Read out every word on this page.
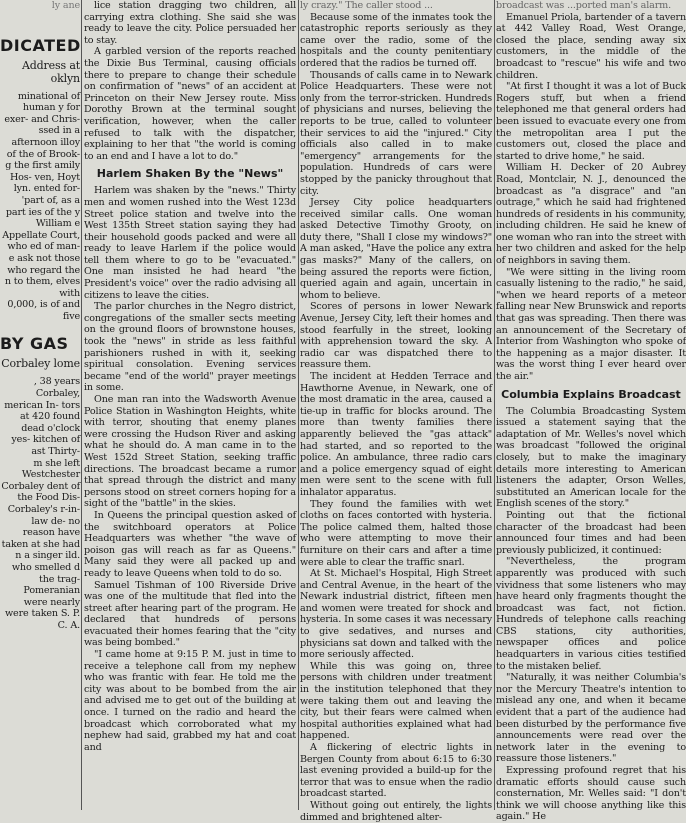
ly ane

DICATED

Address at oklyn

minational of human y for exer- and Chris- ssed in a afternoon illoy of the of Brook- g the first amily Hos- ven, Hoyt lyn. ented for- 'part of, as a part ies of the y William e Appellate Court, who ed of man-

e ask not those who regard the n to them, elves with

0,000, is of and five

BY GAS

Corbaley lome

, 38 years Corbaley, merican In- tors at 420 found dead o'clock yes- kitchen of ast Thirty-

m she left Westchester Corbaley dent of the Food Dis- Corbaley's r-in-law de- no reason have taken at she had n a singer ild. who smelled d the trag- Pomeranian were nearly were taken S. P. C. A.

lice station dragging two children, all carrying extra clothing. She said she was ready to leave the city. Police persuaded her to stay.

A garbled version of the reports reached the Dixie Bus Terminal, causing officials there to prepare to change their schedule on confirmation of "news" of an accident at Princeton on their New Jersey route. Miss Dorothy Brown at the terminal sought verification, however, when the caller refused to talk with the dispatcher, explaining to her that "the world is coming to an end and I have a lot to do."

Harlem Shaken By the "News"

Harlem was shaken by the "news." Thirty men and women rushed into the West 123d Street police station and twelve into the West 135th Street station saying they had their household goods packed and were all ready to leave Harlem if the police would tell them where to go to be "evacuated." One man insisted he had heard "the President's voice" over the radio advising all citizens to leave the cities.

The parlor churches in the Negro district, congregations of the smaller sects meeting on the ground floors of brownstone houses, took the "news" in stride as less faithful parishioners rushed in with it, seeking spiritual consolation. Evening services became "end of the world" prayer meetings in some.

One man ran into the Wadsworth Avenue Police Station in Washington Heights, white with terror, shouting that enemy planes were crossing the Hudson River and asking what he should do. A man came in to the West 152d Street Station, seeking traffic directions. The broadcast became a rumor that spread through the district and many persons stood on street corners hoping for a sight of the "battle" in the skies.

In Queens the principal question asked of the switchboard operators at Police Headquarters was whether "the wave of poison gas will reach as far as Queens." Many said they were all packed up and ready to leave Queens when told to do so.

Samuel Tishman of 100 Riverside Drive was one of the multitude that fled into the street after hearing part of the program. He declared that hundreds of persons evacuated their homes fearing that the "city was being bombed."

"I came home at 9:15 P. M. just in time to receive a telephone call from my nephew who was frantic with fear. He told me the city was about to be bombed from the air and advised me to get out of the building at once. I turned on the radio and heard the broadcast which corroborated what my nephew had said, grabbed my hat and coat and

ly crazy." The caller stood ...

Because some of the inmates took the catastrophic reports seriously as they came over the radio, some of the hospitals and the county penitentiary ordered that the radios be turned off.

Thousands of calls came in to Newark Police Headquarters. These were not only from the terror-stricken. Hundreds of physicians and nurses, believing the reports to be true, called to volunteer their services to aid the "injured." City officials also called in to make "emergency" arrangements for the population. Hundreds of cars were stopped by the panicky throughout that city.

Jersey City police headquarters received similar calls. One woman asked Detective Timothy Grooty, on duty there, "Shall I close my windows?" A man asked, "Have the police any extra gas masks?" Many of the callers, on being assured the reports were fiction, queried again and again, uncertain in whom to believe.

Scores of persons in lower Newark Avenue, Jersey City, left their homes and stood fearfully in the street, looking with apprehension toward the sky. A radio car was dispatched there to reassure them.

The incident at Hedden Terrace and Hawthorne Avenue, in Newark, one of the most dramatic in the area, caused a tie-up in traffic for blocks around. The more than twenty families there apparently believed the "gas attack" had started, and so reported to the police. An ambulance, three radio cars and a police emergency squad of eight men were sent to the scene with full inhalator apparatus.

They found the families with wet cloths on faces contorted with hysteria. The police calmed them, halted those who were attempting to move their furniture on their cars and after a time were able to clear the traffic snarl.

At St. Michael's Hospital, High Street and Central Avenue, in the heart of the Newark industrial district, fifteen men and women were treated for shock and hysteria. In some cases it was necessary to give sedatives, and nurses and physicians sat down and talked with the more seriously affected.

While this was going on, three persons with children under treatment in the institution telephoned that they were taking them out and leaving the city, but their fears were calmed when hospital authorities explained what had happened.

A flickering of electric lights in Bergen County from about 6:15 to 6:30 last evening provided a build-up for the terror that was to ensue when the radio broadcast started.

Without going out entirely, the lights dimmed and brightened alter-

broadcast was ...ported man's alarm.

Emanuel Priola, bartender of a tavern at 442 Valley Road, West Orange, closed the place, sending away six customers, in the middle of the broadcast to "rescue" his wife and two children.

"At first I thought it was a lot of Buck Rogers stuff, but when a friend telephoned me that general orders had been issued to evacuate every one from the metropolitan area I put the customers out, closed the place and started to drive home," he said.

William H. Decker of 20 Aubrey Road, Montclair, N. J., denounced the broadcast as "a disgrace" and "an outrage," which he said had frightened hundreds of residents in his community, including children. He said he knew of one woman who ran into the street with her two children and asked for the help of neighbors in saving them.

"We were sitting in the living room casually listening to the radio," he said, "when we heard reports of a meteor falling near New Brunswick and reports that gas was spreading. Then there was an announcement of the Secretary of Interior from Washington who spoke of the happening as a major disaster. It was the worst thing I ever heard over the air."

Columbia Explains Broadcast

The Columbia Broadcasting System issued a statement saying that the adaptation of Mr. Welles's novel which was broadcast "followed the original closely, but to make the imaginary details more interesting to American listeners the adapter, Orson Welles, substituted an American locale for the English scenes of the story."

Pointing out that the fictional character of the broadcast had been announced four times and had been previously publicized, it continued:

"Nevertheless, the program apparently was produced with such vividness that some listeners who may have heard only fragments thought the broadcast was fact, not fiction. Hundreds of telephone calls reaching CBS stations, city authorities, newspaper offices and police headquarters in various cities testified to the mistaken belief.

"Naturally, it was neither Columbia's nor the Mercury Theatre's intention to mislead any one, and when it became evident that a part of the audience had been disturbed by the performance five announcements were read over the network later in the evening to reassure those listeners."

Expressing profound regret that his dramatic efforts should cause such consternation, Mr. Welles said: "I don't think we will choose anything like this again." He
